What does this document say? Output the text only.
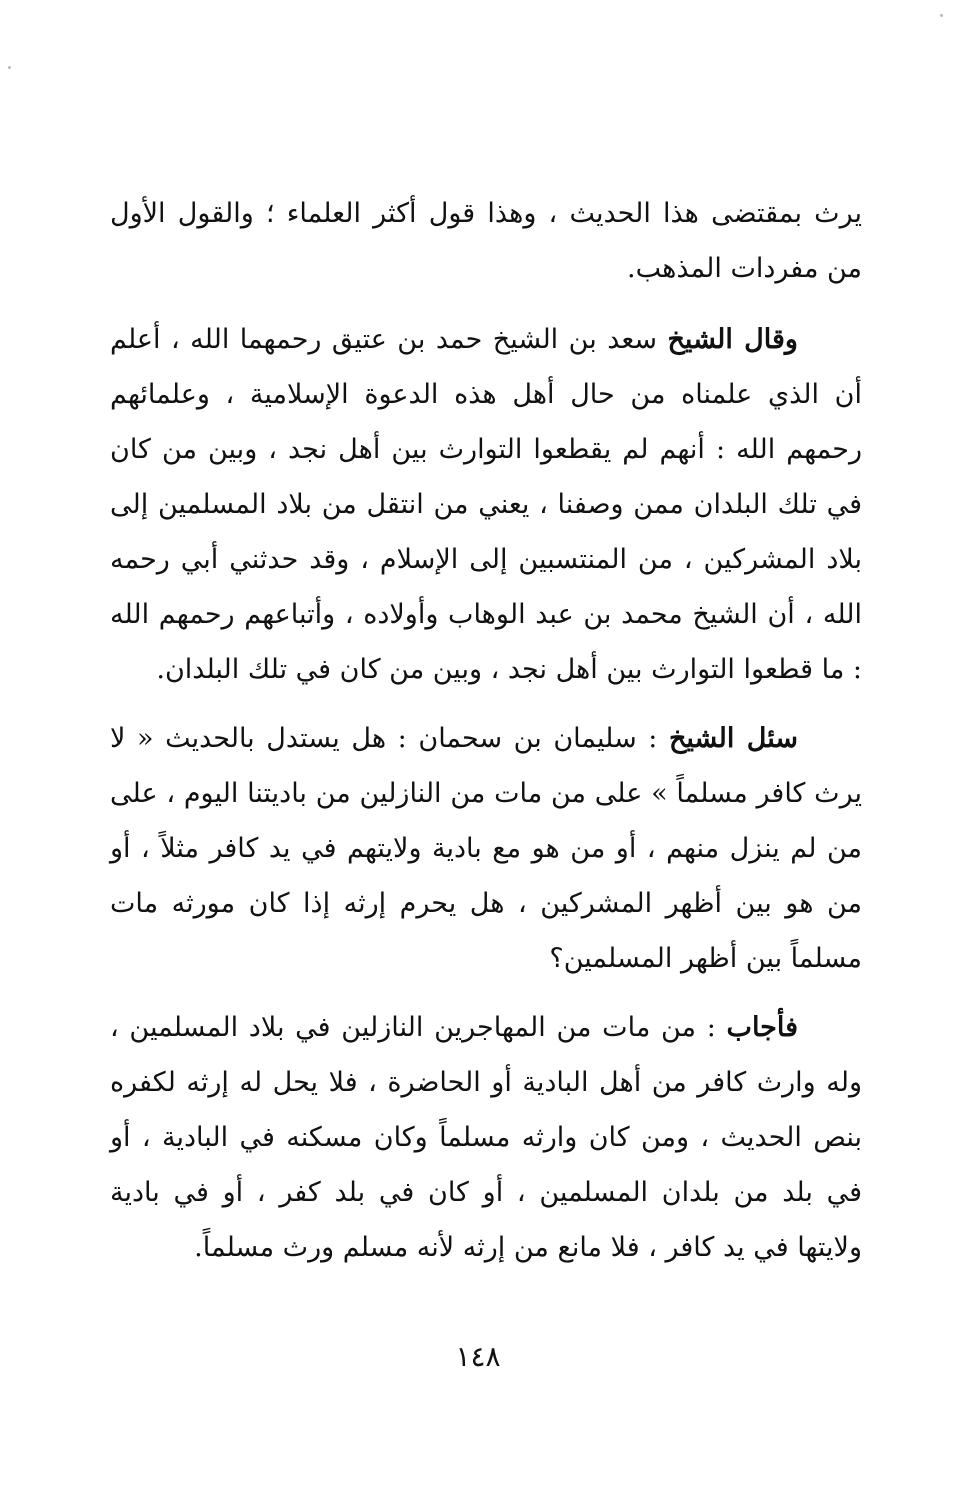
يرث بمقتضى هذا الحديث ، وهذا قول أكثر العلماء ؛ والقول الأول من مفردات المذهب.

وقال الشيخ سعد بن الشيخ حمد بن عتيق رحمهما الله ، أعلم أن الذي علمناه من حال أهل هذه الدعوة الإسلامية ، وعلمائهم رحمهم الله : أنهم لم يقطعوا التوارث بين أهل نجد ، وبين من كان في تلك البلدان ممن وصفنا ، يعني من انتقل من بلاد المسلمين إلى بلاد المشركين ، من المنتسبين إلى الإسلام ، وقد حدثني أبي رحمه الله ، أن الشيخ محمد بن عبد الوهاب وأولاده ، وأتباعهم رحمهم الله : ما قطعوا التوارث بين أهل نجد ، وبين من كان في تلك البلدان.

سئل الشيخ : سليمان بن سحمان : هل يستدل بالحديث « لا يرث كافر مسلماً » على من مات من النازلين من باديتنا اليوم ، على من لم ينزل منهم ، أو من هو مع بادية ولايتهم في يد كافر مثلاً ، أو من هو بين أظهر المشركين ، هل يحرم إرثه إذا كان مورثه مات مسلماً بين أظهر المسلمين؟

فأجاب : من مات من المهاجرين النازلين في بلاد المسلمين ، وله وارث كافر من أهل البادية أو الحاضرة ، فلا يحل له إرثه لكفره بنص الحديث ، ومن كان وارثه مسلماً وكان مسكنه في البادية ، أو في بلد من بلدان المسلمين ، أو كان في بلد كفر ، أو في بادية ولايتها في يد كافر ، فلا مانع من إرثه لأنه مسلم ورث مسلماً.

١٤٨
